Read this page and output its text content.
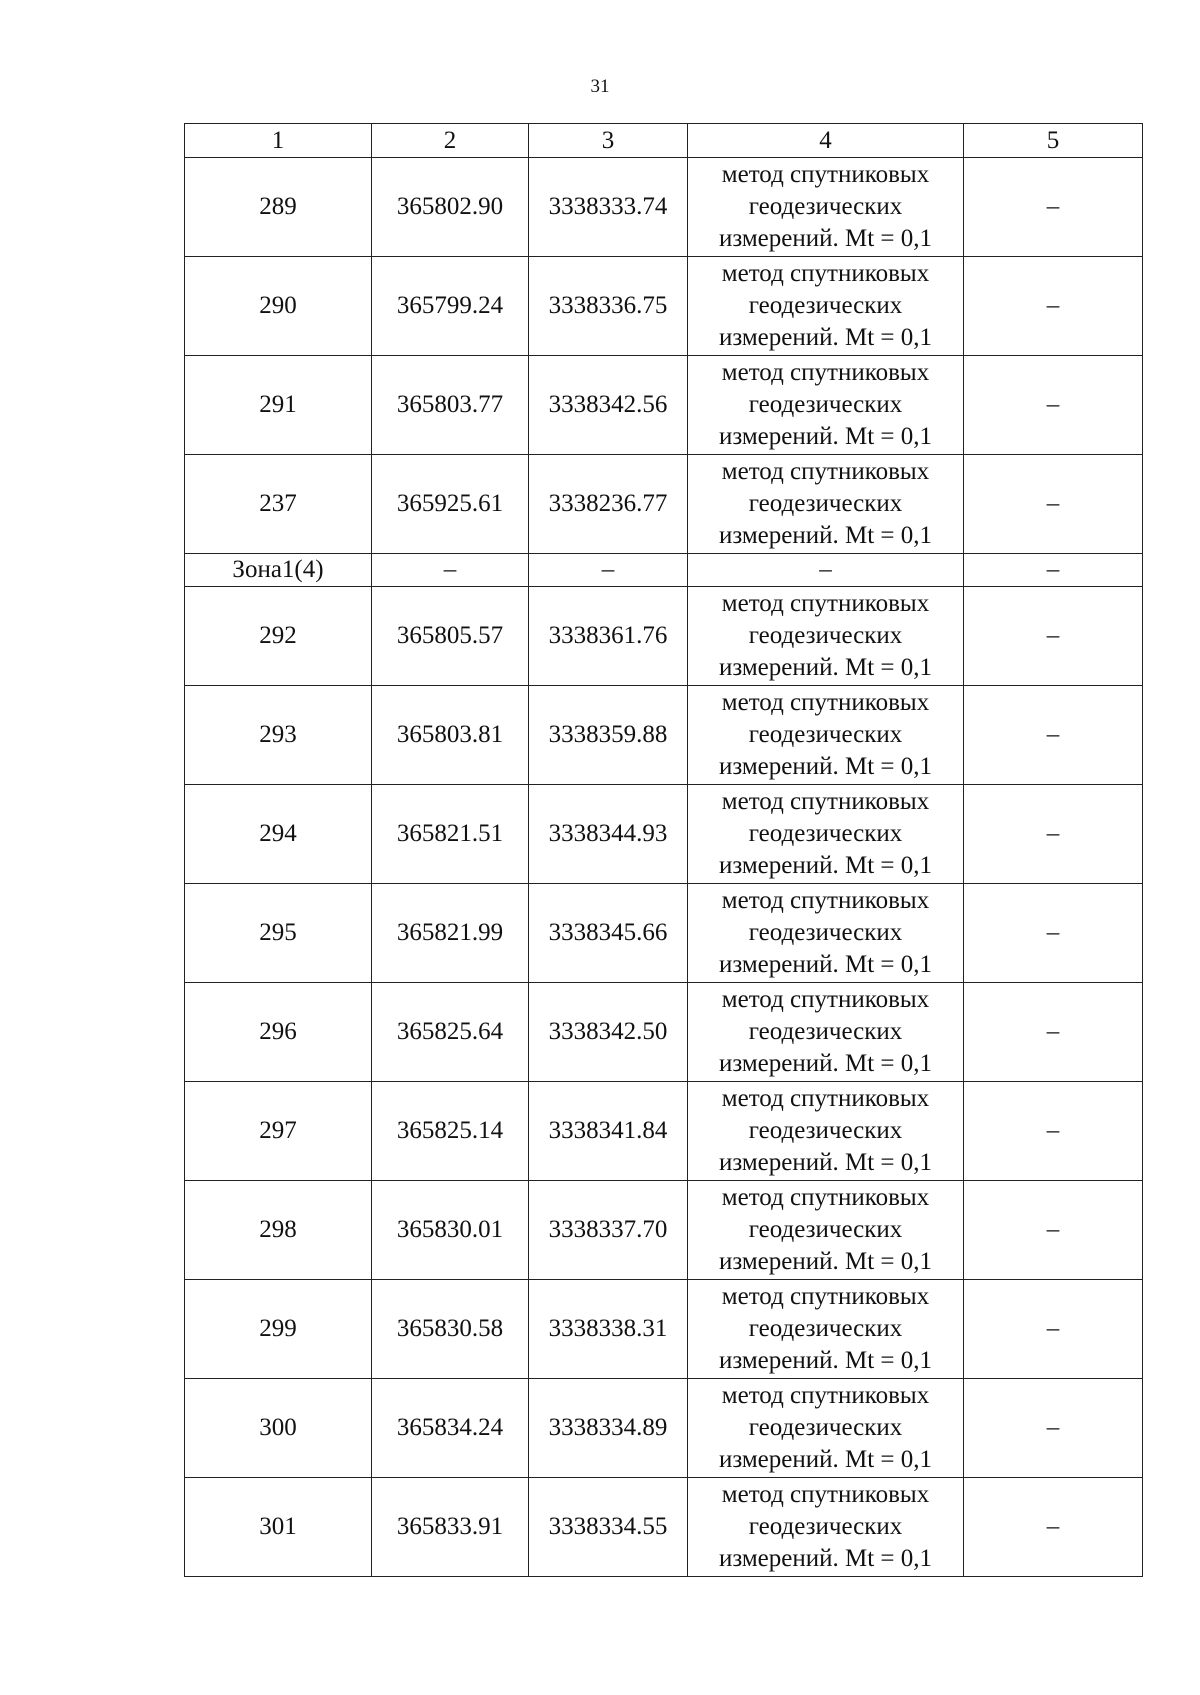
31
1	2	3	4	5
289	365802.90	3338333.74	метод спутниковых
геодезических
измерений. Mt = 0,1	–
290	365799.24	3338336.75	метод спутниковых
геодезических
измерений. Mt = 0,1	–
291	365803.77	3338342.56	метод спутниковых
геодезических
измерений. Mt = 0,1	–
237	365925.61	3338236.77	метод спутниковых
геодезических
измерений. Mt = 0,1	–
Зона1(4)	–	–	–	–
292	365805.57	3338361.76	метод спутниковых
геодезических
измерений. Mt = 0,1	–
293	365803.81	3338359.88	метод спутниковых
геодезических
измерений. Mt = 0,1	–
294	365821.51	3338344.93	метод спутниковых
геодезических
измерений. Mt = 0,1	–
295	365821.99	3338345.66	метод спутниковых
геодезических
измерений. Mt = 0,1	–
296	365825.64	3338342.50	метод спутниковых
геодезических
измерений. Mt = 0,1	–
297	365825.14	3338341.84	метод спутниковых
геодезических
измерений. Mt = 0,1	–
298	365830.01	3338337.70	метод спутниковых
геодезических
измерений. Mt = 0,1	–
299	365830.58	3338338.31	метод спутниковых
геодезических
измерений. Mt = 0,1	–
300	365834.24	3338334.89	метод спутниковых
геодезических
измерений. Mt = 0,1	–
301	365833.91	3338334.55	метод спутниковых
геодезических
измерений. Mt = 0,1	–
